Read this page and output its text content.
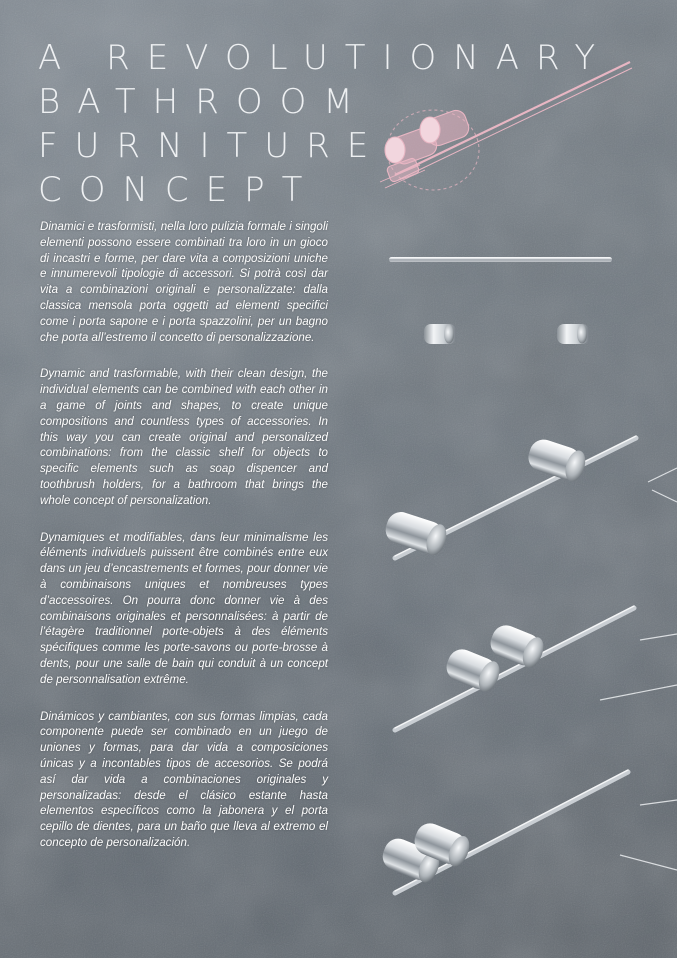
A REVOLUTIONARY
BATHROOM
FURNITURE
CONCEPT

Dinamici e trasformisti, nella loro pulizia formale i singoli elementi possono essere combinati tra loro in un gioco di incastri e forme, per dare vita a composizioni uniche e innumerevoli tipologie di accessori. Si potrà così dar vita a combinazioni originali e personalizzate: dalla classica mensola porta oggetti ad elementi specifici come i porta sapone e i porta spazzolini, per un bagno che porta all’estremo il concetto di personalizzazione.

Dynamic and trasformable, with their clean design, the individual elements can be combined with each other in a game of joints and shapes, to create unique compositions and countless types of accessories. In this way you can create original and personalized combinations: from the classic shelf for objects to specific elements such as soap dispencer and toothbrush holders, for a bathroom that brings the whole concept of personalization.

Dynamiques et modifiables, dans leur minimalisme les éléments individuels puissent être combinés entre eux dans un jeu d’encastrements et formes, pour donner vie à combinaisons uniques et nombreuses types d’accessoires. On pourra donc donner vie à des combinaisons originales et personnalisées: à partir de l’étagère traditionnel porte-objets à des éléments spécifiques comme les porte-savons ou porte-brosse à dents, pour une salle de bain qui conduit à un concept de personnalisation extrême.

Dinámicos y cambiantes, con sus formas limpias, cada componente puede ser combinado en un juego de uniones y formas, para dar vida a composiciones únicas y a incontables tipos de accesorios. Se podrá así dar vida a combinaciones originales y personalizadas: desde el clásico estante hasta elementos específicos como la jabonera y el porta cepillo de dientes, para un baño que lleva al extremo el concepto de personalización.
